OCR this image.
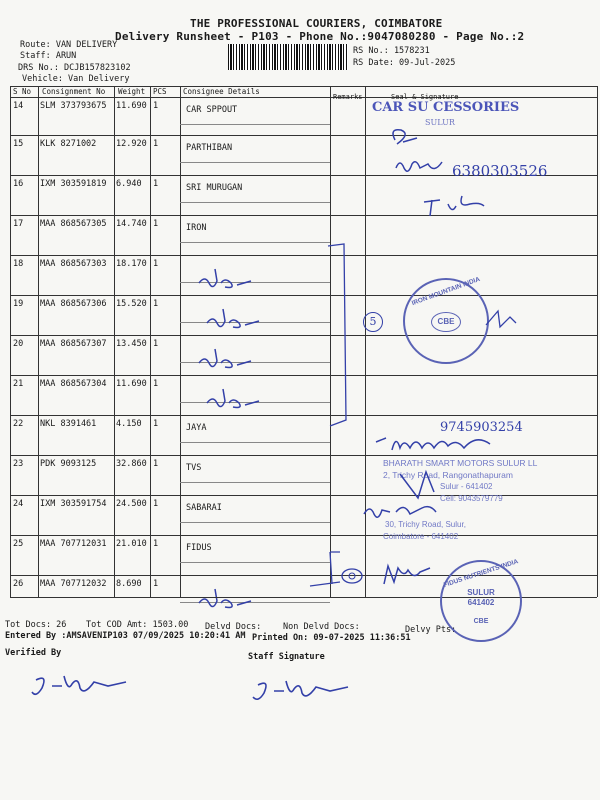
THE PROFESSIONAL COURIERS, COIMBATORE
Delivery Runsheet - P103 - Phone No.:9047080280 - Page No.:2
Route: VAN DELIVERY
Staff: ARUN
DRS No.: DCJB157823102
Vehicle: Van Delivery
RS No.: 1578231
RS Date: 09-Jul-2025
S No Consignment No Weight PCS Consignee Details
Remarks	Seal & Signature
14 SLM 373793675 11.690 1	CAR SPPOUT
15 KLK 8271002 12.920 1	PARTHIBAN
16 IXM 303591819 6.940 1	SRI MURUGAN
17 MAA 868567305 14.740 1	IRON
18 MAA 868567303 18.170 1
19 MAA 868567306 15.520 1
20 MAA 868567307 13.450 1
21 MAA 868567304 11.690 1
22 NKL 8391461 4.150 1	JAYA
23 PDK 9093125 32.860 1	TVS
24 IXM 303591754 24.500 1	SABARAI
25 MAA 707712031 21.010 1	FIDUS
26 MAA 707712032 8.690 1
Tot Docs: 26 Tot COD Amt: 1503.00 Delvd Docs:	Non Delvd Docs:	Delvy Pts:
Entered By :AMSAVENIP103 07/09/2025 10:20:41 AM Printed On: 09-07-2025 11:36:51
Verified By	Staff Signature
CAR SU CESSORIES
SULUR
6380303526
IRON MOUNTAIN INDIA
CBE
5
9745903254
BHARATH SMART MOTORS SULUR LL
2, Trichy Road, Rangonathapuram
Sulur - 641402
Cell: 9043579779
30, Trichy Road, Sulur,
Coimbatore - 641402
FIDUS NUTRIENTS INDIA
SULUR 641402
CBE
